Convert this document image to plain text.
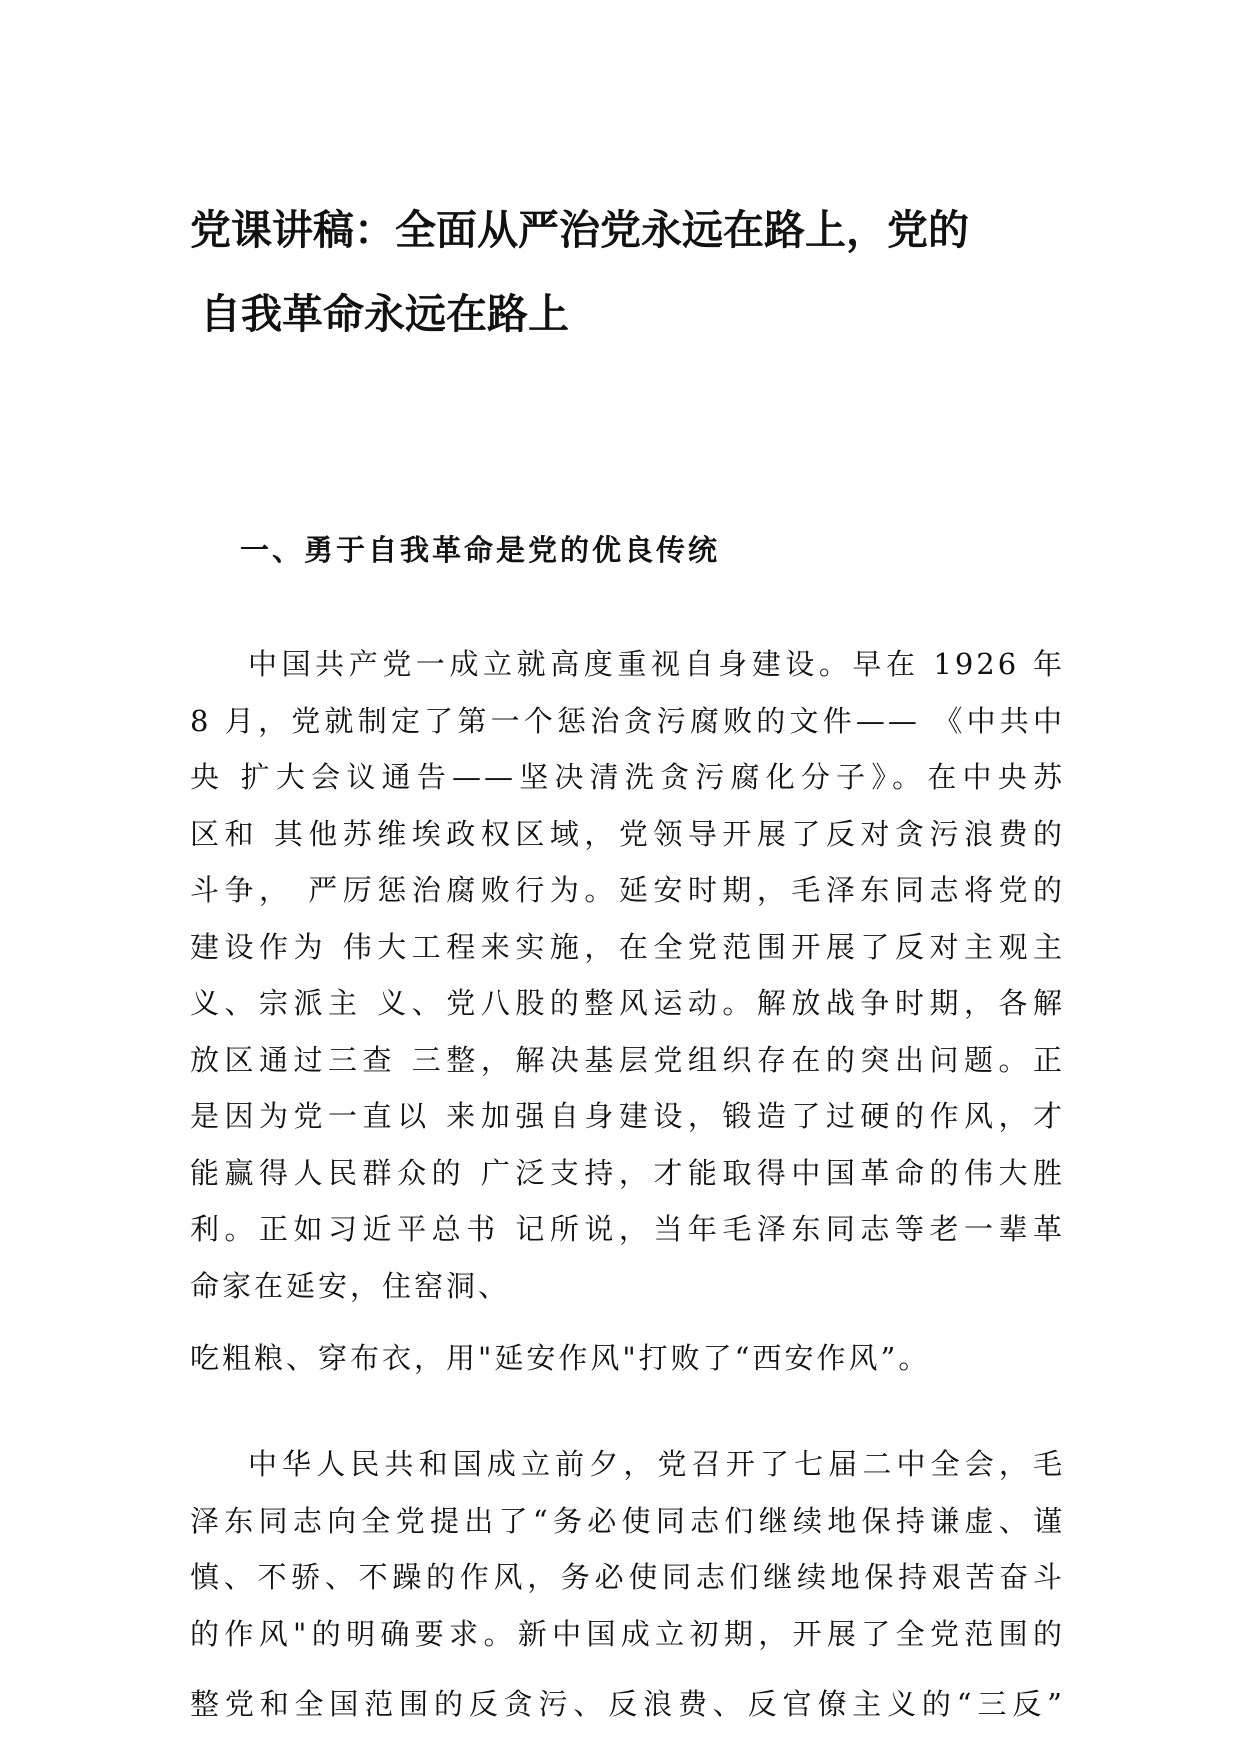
党课讲稿：全面从严治党永远在路上，党的
自我革命永远在路上
一、勇于自我革命是党的优良传统
中国共产党一成立就高度重视自身建设。早在 1926 年
8 月，党就制定了第一个惩治贪污腐败的文件—— 《中共中
央 扩大会议通告——坚决清洗贪污腐化分子》。在中央苏
区和 其他苏维埃政权区域，党领导开展了反对贪污浪费的
斗争， 严厉惩治腐败行为。延安时期，毛泽东同志将党的
建设作为 伟大工程来实施，在全党范围开展了反对主观主
义、宗派主 义、党八股的整风运动。解放战争时期，各解
放区通过三查 三整，解决基层党组织存在的突出问题。正
是因为党一直以 来加强自身建设，锻造了过硬的作风，才
能赢得人民群众的 广泛支持，才能取得中国革命的伟大胜
利。正如习近平总书 记所说，当年毛泽东同志等老一辈革
命家在延安，住窑洞、
吃粗粮、穿布衣，用"延安作风"打败了“西安作风”。
中华人民共和国成立前夕，党召开了七届二中全会，毛
泽东同志向全党提出了“务必使同志们继续地保持谦虚、谨
慎、不骄、不躁的作风，务必使同志们继续地保持艰苦奋斗
的作风"的明确要求。新中国成立初期，开展了全党范围的
整党和全国范围的反贪污、反浪费、反官僚主义的“三反”
